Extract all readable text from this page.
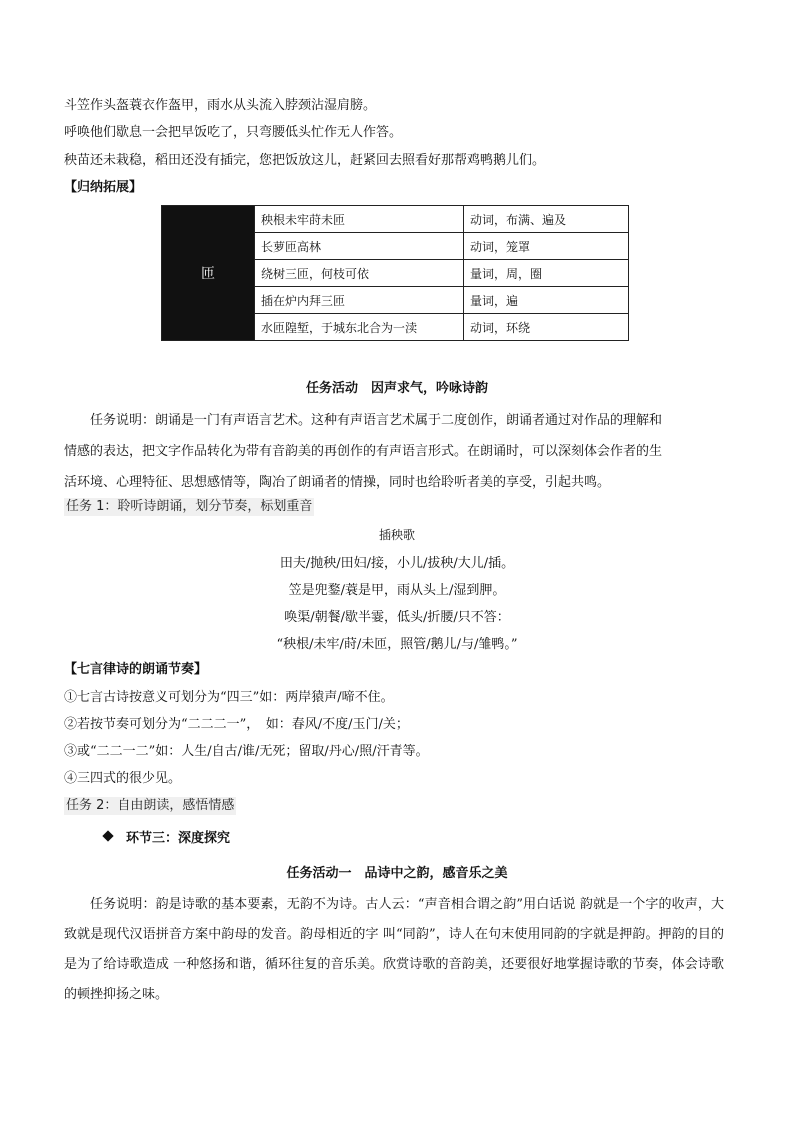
斗笠作头盔蓑衣作盔甲，雨水从头流入脖颈沾湿肩膀。
呼唤他们歇息一会把早饭吃了，只弯腰低头忙作无人作答。
秧苗还未栽稳，稻田还没有插完，您把饭放这儿，赶紧回去照看好那帮鸡鸭鹅儿们。
【归纳拓展】
匝	秧根未牢莳未匝	动词，布满、遍及
	长萝匝高林	动词，笼罩
	绕树三匝，何枝可依	量词，周，圈
	插在炉内拜三匝	量词，遍
	水匝隍堑，于城东北合为一渎	动词，环绕
任务活动　因声求气，吟咏诗韵
任务说明：朗诵是一门有声语言艺术。这种有声语言艺术属于二度创作，朗诵者通过对作品的理解和
情感的表达，把文字作品转化为带有音韵美的再创作的有声语言形式。在朗诵时，可以深刻体会作者的生
活环境、心理特征、思想感情等，陶冶了朗诵者的情操，同时也给聆听者美的享受，引起共鸣。
任务 1：聆听诗朗诵，划分节奏，标划重音
插秧歌
田夫/抛秧/田妇/接，小儿/拔秧/大儿/插。
笠是兜鍪/蓑是甲，雨从头上/湿到胛。
唤渠/朝餐/歇半霎，低头/折腰/只不答：
“秧根/未牢/莳/未匝，照管/鹅儿/与/雏鸭。”
【七言律诗的朗诵节奏】
①七言古诗按意义可划分为“四三”如：两岸猿声/啼不住。
②若按节奏可划分为“二二二一”，　如：春风/不度/玉门/关；
③或“二二一二”如：人生/自古/谁/无死；留取/丹心/照/汗青等。
④三四式的很少见。
任务 2：自由朗读，感悟情感
环节三：深度探究
任务活动一　品诗中之韵，感音乐之美
任务说明：韵是诗歌的基本要素，无韵不为诗。古人云：“声音相合谓之韵”用白话说 韵就是一个字的收声，大致就是现代汉语拼音方案中韵母的发音。韵母相近的字 叫“同韵”，诗人在句末使用同韵的字就是押韵。押韵的目的是为了给诗歌造成 一种悠扬和谐，循环往复的音乐美。欣赏诗歌的音韵美，还要很好地掌握诗歌的节奏，体会诗歌的顿挫抑扬之味。
